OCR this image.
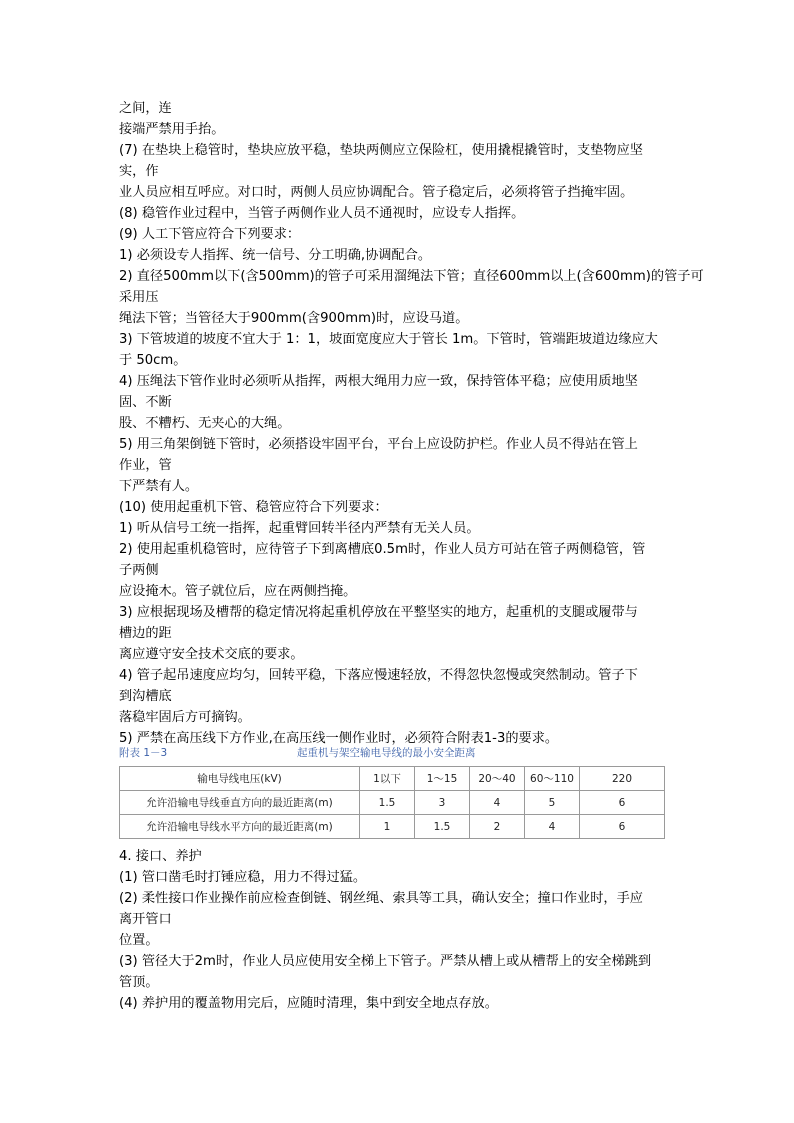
之间，连
接端严禁用手抬。
(7) 在垫块上稳管时，垫块应放平稳，垫块两侧应立保险杠，使用撬棍撬管时，支垫物应坚
实，作
业人员应相互呼应。对口时，两侧人员应协调配合。管子稳定后，必须将管子挡掩牢固。
(8) 稳管作业过程中，当管子两侧作业人员不通视时，应设专人指挥。
(9) 人工下管应符合下列要求：
1) 必须设专人指挥、统一信号、分工明确,协调配合。
2) 直径500mm以下(含500mm)的管子可采用溜绳法下管；直径600mm以上(含600mm)的管子可
采用压
绳法下管；当管径大于900mm(含900mm)时，应设马道。
3) 下管坡道的坡度不宜大于 1：1，坡面宽度应大于管长 1m。下管时，管端距坡道边缘应大
于 50cm。
4) 压绳法下管作业时必须听从指挥，两根大绳用力应一致，保持管体平稳；应使用质地坚
固、不断
股、不糟朽、无夹心的大绳。
5) 用三角架倒链下管时，必须搭设牢固平台，平台上应设防护栏。作业人员不得站在管上
作业，管
下严禁有人。
(10) 使用起重机下管、稳管应符合下列要求：
1) 听从信号工统一指挥，起重臂回转半径内严禁有无关人员。
2) 使用起重机稳管时，应待管子下到离槽底0.5m时，作业人员方可站在管子两侧稳管，管
子两侧
应设掩木。管子就位后，应在两侧挡掩。
3) 应根据现场及槽帮的稳定情况将起重机停放在平整坚实的地方，起重机的支腿或履带与
槽边的距
离应遵守安全技术交底的要求。
4) 管子起吊速度应均匀，回转平稳，下落应慢速轻放，不得忽快忽慢或突然制动。管子下
到沟槽底
落稳牢固后方可摘钩。
5) 严禁在高压线下方作业,在高压线一侧作业时，必须符合附表1-3的要求。
附表 1－3	起重机与架空输电导线的最小安全距离
输电导线电压(kV)	1以下	1～15	20～40	60～110	220
允许沿输电导线垂直方向的最近距离(m)	1.5	3	4	5	6
允许沿输电导线水平方向的最近距离(m)	1	1.5	2	4	6
4. 接口、养护
(1) 管口凿毛时打锤应稳，用力不得过猛。
(2) 柔性接口作业操作前应检查倒链、钢丝绳、索具等工具，确认安全；撞口作业时，手应
离开管口
位置。
(3) 管径大于2m时，作业人员应使用安全梯上下管子。严禁从槽上或从槽帮上的安全梯跳到
管顶。
(4) 养护用的覆盖物用完后，应随时清理，集中到安全地点存放。
